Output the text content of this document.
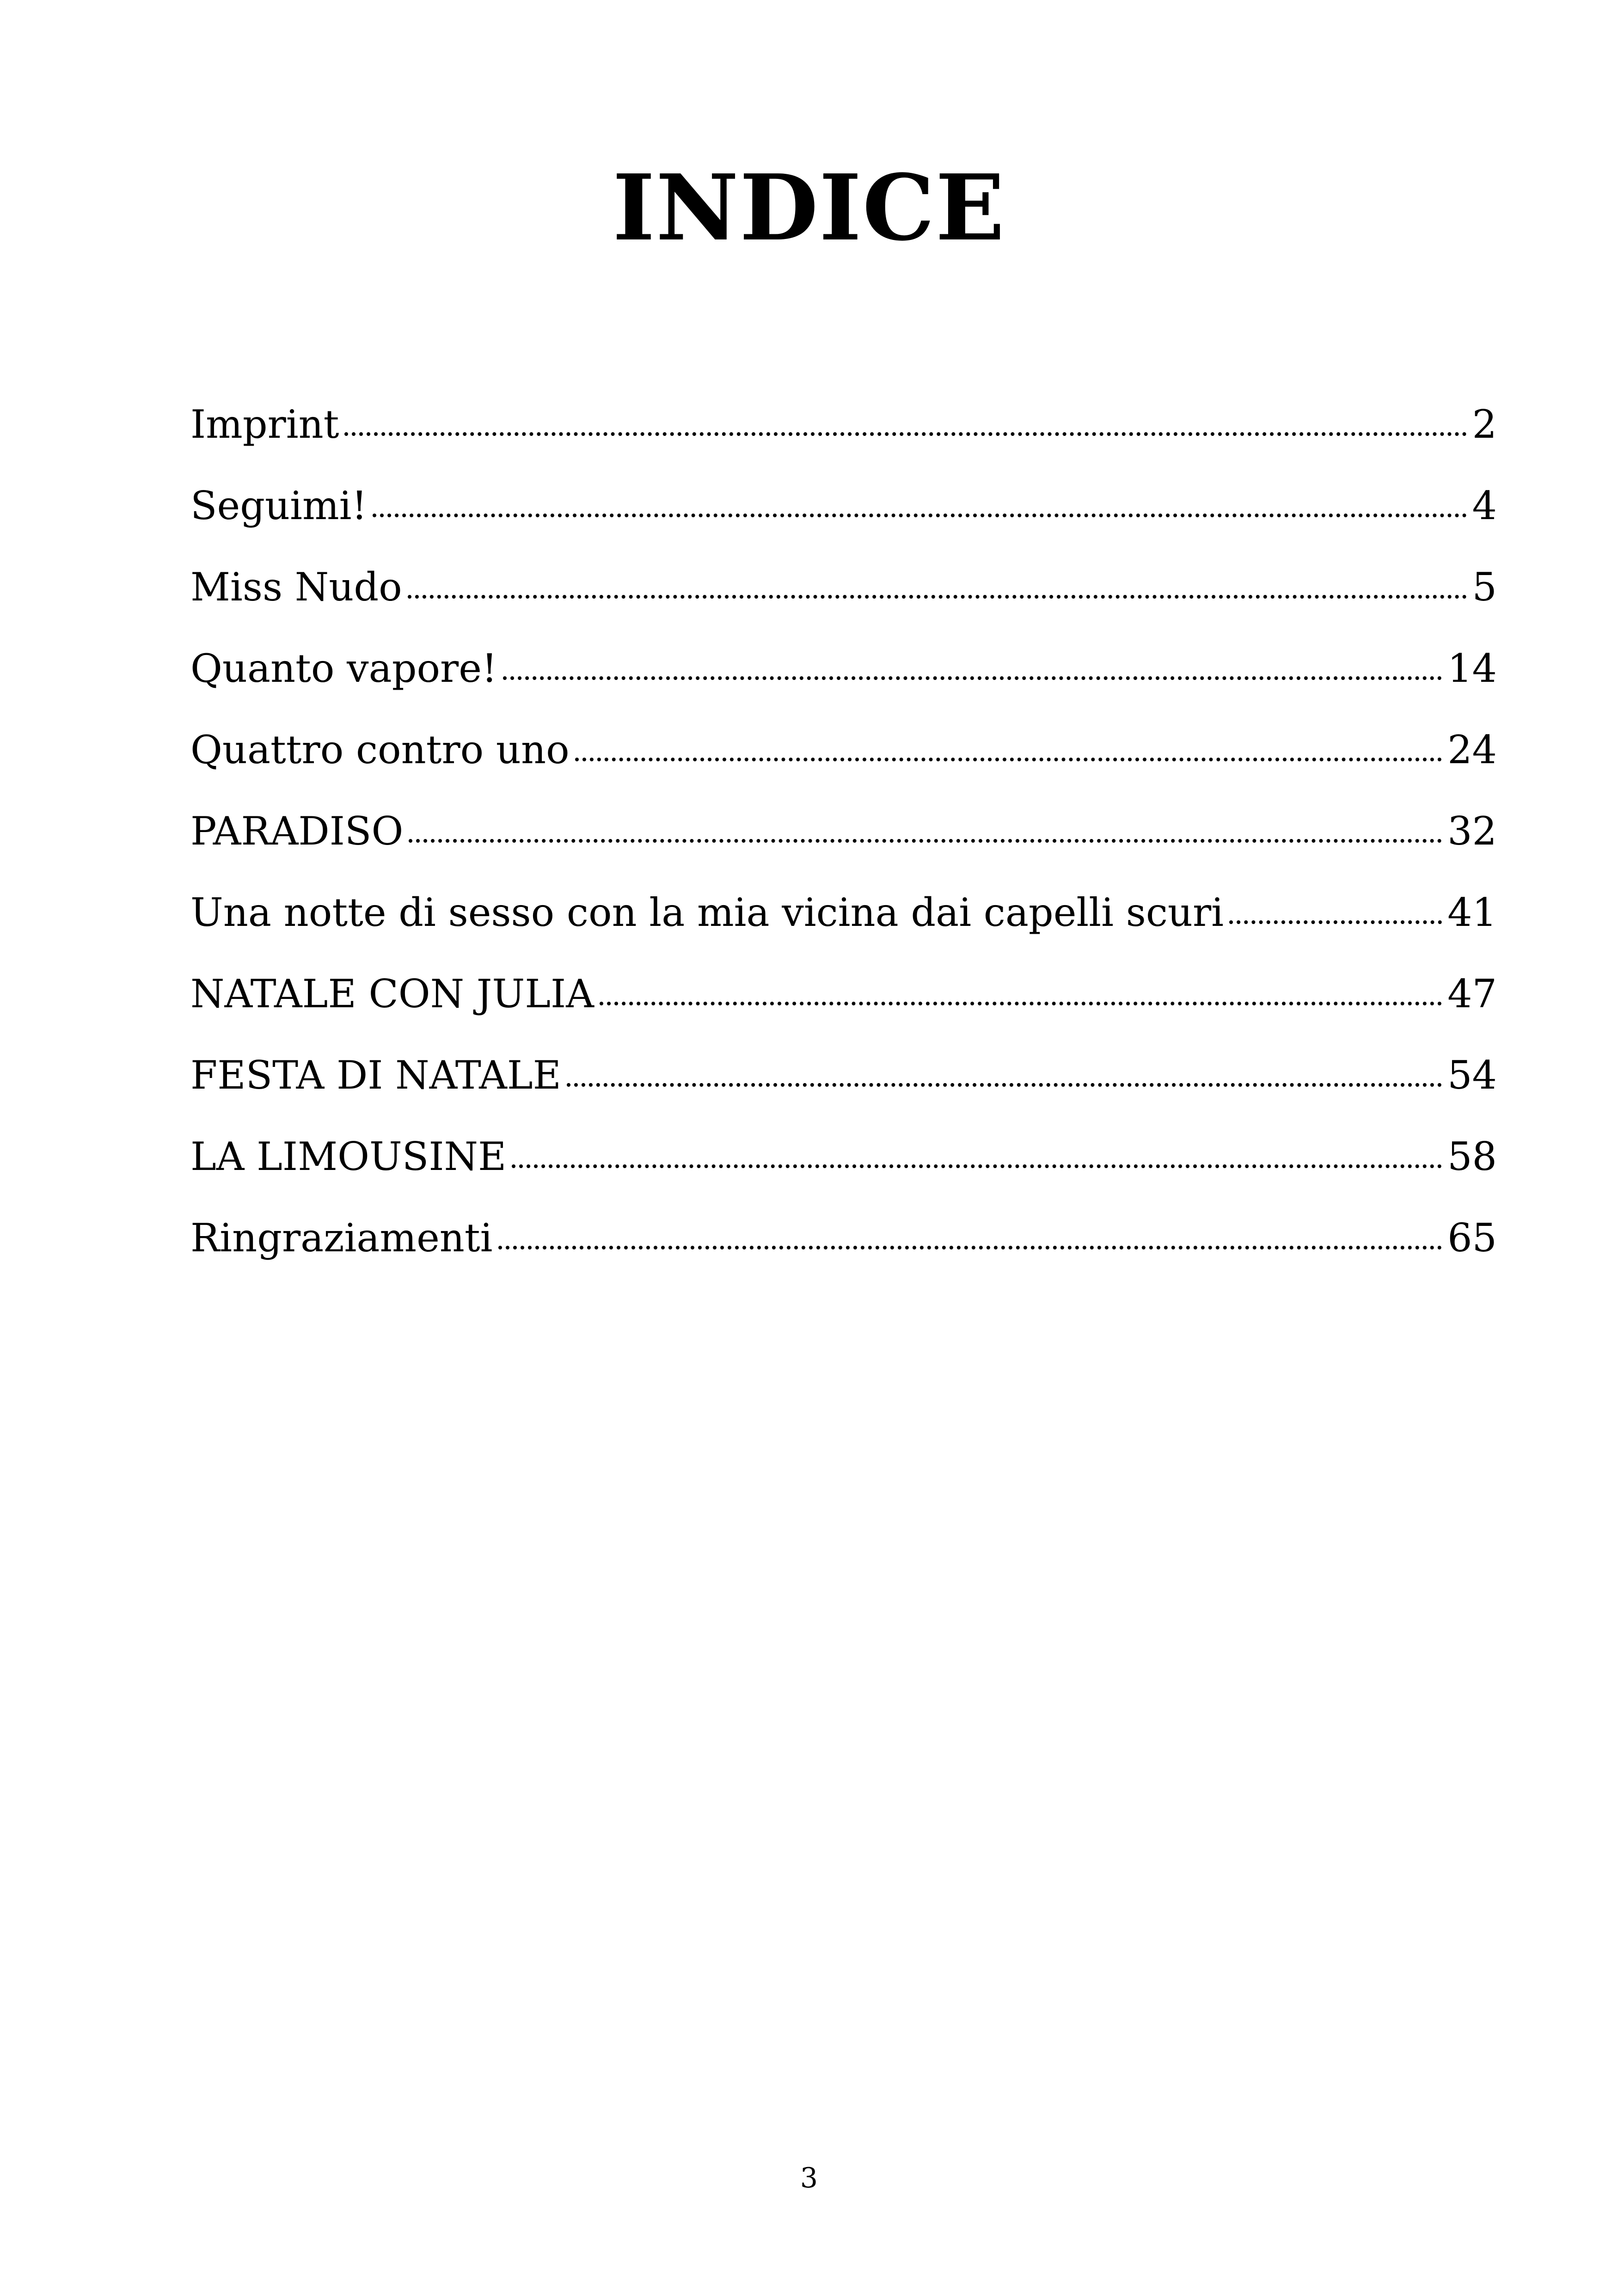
INDICE
Imprint	2
Seguimi!	4
Miss Nudo	5
Quanto vapore!	14
Quattro contro uno	24
PARADISO	32
Una notte di sesso con la mia vicina dai capelli scuri	41
NATALE CON JULIA	47
FESTA DI NATALE	54
LA LIMOUSINE	58
Ringraziamenti	65
3
